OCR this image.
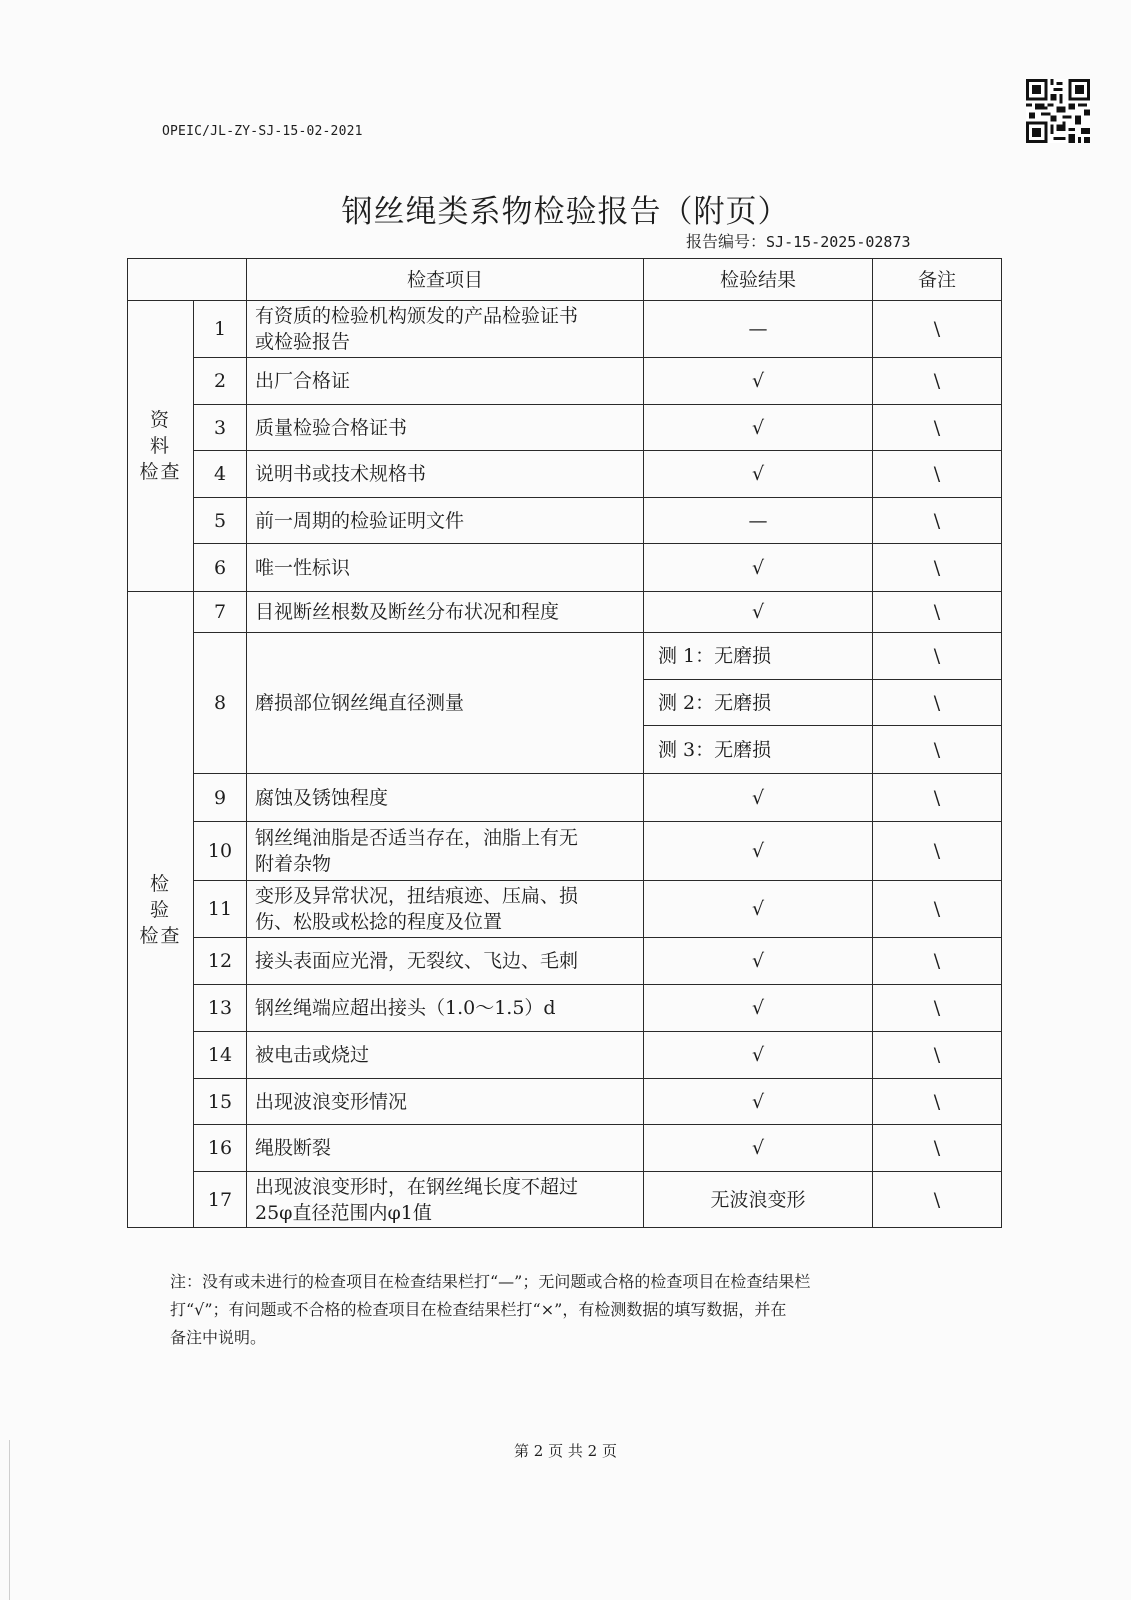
OPEIC/JL-ZY-SJ-15-02-2021
钢丝绳类系物检验报告（附页）
报告编号：SJ-15-2025-02873
		检查项目	检验结果	备注
资 料
检查	1	有资质的检验机构颁发的产品检验证书
或检验报告	—	\
	2	出厂合格证	√	\
	3	质量检验合格证书	√	\
	4	说明书或技术规格书	√	\
	5	前一周期的检验证明文件	—	\
	6	唯一性标识	√	\
检 验
检查	7	目视断丝根数及断丝分布状况和程度	√	\
	8	磨损部位钢丝绳直径测量	测 1：无磨损	\
			测 2：无磨损	\
			测 3：无磨损	\
	9	腐蚀及锈蚀程度	√	\
	10	钢丝绳油脂是否适当存在，油脂上有无
附着杂物	√	\
	11	变形及异常状况，扭结痕迹、压扁、损
伤、松股或松捻的程度及位置	√	\
	12	接头表面应光滑，无裂纹、飞边、毛刺	√	\
	13	钢丝绳端应超出接头（1.0～1.5）d	√	\
	14	被电击或烧过	√	\
	15	出现波浪变形情况	√	\
	16	绳股断裂	√	\
	17	出现波浪变形时，在钢丝绳长度不超过
25φ直径范围内φ1值	无波浪变形	\
注：没有或未进行的检查项目在检查结果栏打“—”；无问题或合格的检查项目在检查结果栏
打“√”；有问题或不合格的检查项目在检查结果栏打“×”，有检测数据的填写数据，并在
备注中说明。
第 2 页 共 2 页
